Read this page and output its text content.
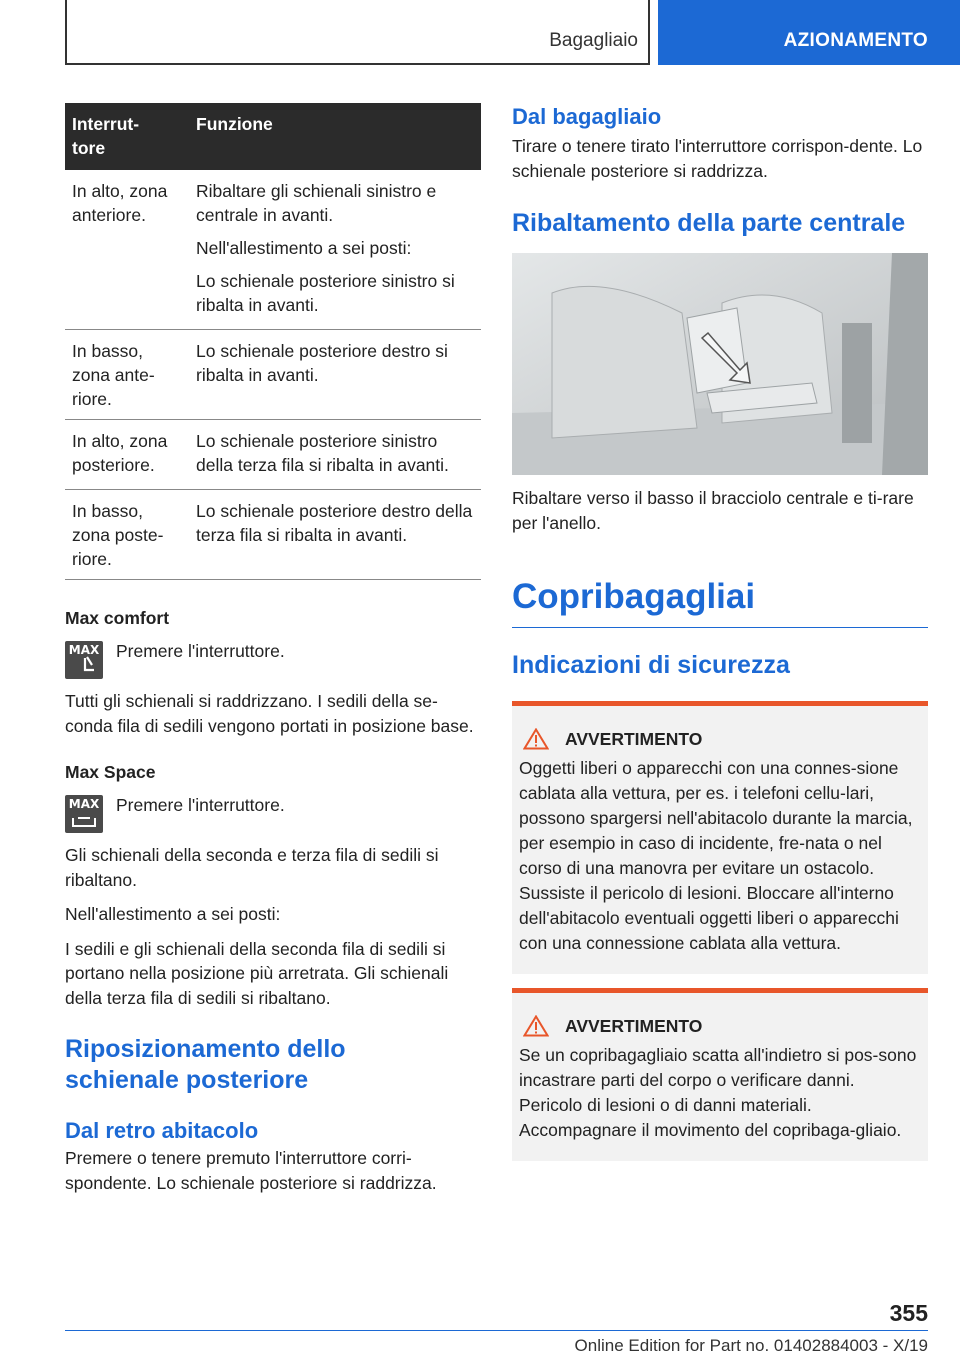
Bagagliaio	AZIONAMENTO
Interrut-
tore	Funzione
In alto, zona anteriore.	Ribaltare gli schienali sinistro e centrale in avanti.

Nell'allestimento a sei posti:

Lo schienale posteriore sinistro si ribalta in avanti.

In basso, zona ante-riore.	Lo schienale posteriore destro si ribalta in avanti.

In alto, zona posteriore.	Lo schienale posteriore sinistro della terza fila si ribalta in avanti.

In basso, zona poste-riore.	Lo schienale posteriore destro della terza fila si ribalta in avanti.

Max comfort
MAX Premere l'interruttore.
Tutti gli schienali si raddrizzano. I sedili della se-conda fila di sedili vengono portati in posizione base.
Max Space
MAX Premere l'interruttore.
Gli schienali della seconda e terza fila di sedili si ribaltano.
Nell'allestimento a sei posti:
I sedili e gli schienali della seconda fila di sedili si portano nella posizione più arretrata. Gli schienali della terza fila di sedili si ribaltano.
Riposizionamento dello schienale posteriore
Dal retro abitacolo
Premere o tenere premuto l'interruttore corri-spondente. Lo schienale posteriore si raddrizza.
Dal bagagliaio
Tirare o tenere tirato l'interruttore corrispon-dente. Lo schienale posteriore si raddrizza.
Ribaltamento della parte centrale
Ribaltare verso il basso il bracciolo centrale e ti-rare per l'anello.
Copribagagliai
Indicazioni di sicurezza
AVVERTIMENTO
Oggetti liberi o apparecchi con una connes-sione cablata alla vettura, per es. i telefoni cellu-lari, possono spargersi nell'abitacolo durante la marcia, per esempio in caso di incidente, fre-nata o nel corso di una manovra per evitare un ostacolo. Sussiste il pericolo di lesioni. Bloccare all'interno dell'abitacolo eventuali oggetti liberi o apparecchi con una connessione cablata alla vettura.
AVVERTIMENTO
Se un copribagagliaio scatta all'indietro si pos-sono incastrare parti del corpo o verificare danni. Pericolo di lesioni o di danni materiali. Accompagnare il movimento del copribaga-gliaio.
355
Online Edition for Part no. 01402884003 - X/19
